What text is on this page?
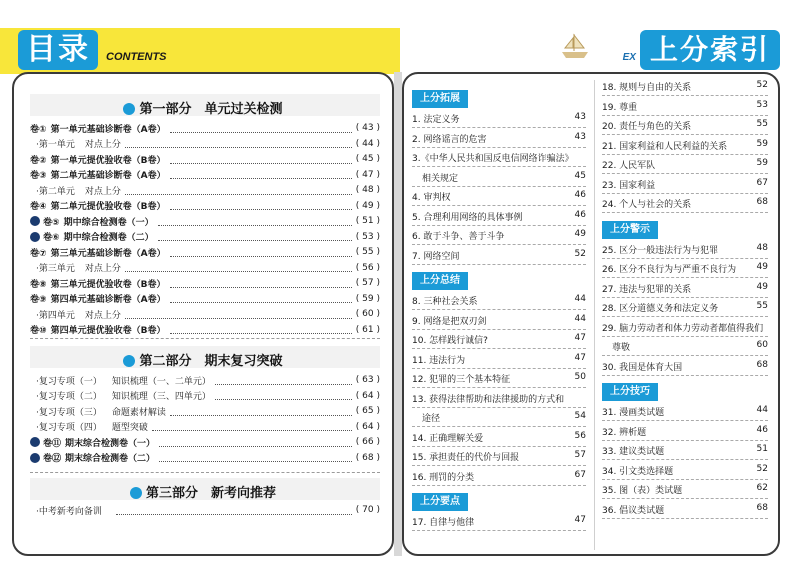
目录	CONTENTS	EX 上分索引
第一部分　单元过关检测
卷① 第一单元基础诊断卷（A卷）	( 43 )
·第一单元 对点上分	( 44 )
卷② 第一单元提优验收卷（B卷）	( 45 )
卷③ 第二单元基础诊断卷（A卷）	( 47 )
·第二单元 对点上分	( 48 )
卷④ 第二单元提优验收卷（B卷）	( 49 )
卷⑤ 期中综合检测卷（一）	( 51 )
卷⑥ 期中综合检测卷（二）	( 53 )
卷⑦ 第三单元基础诊断卷（A卷）	( 55 )
·第三单元 对点上分	( 56 )
卷⑧ 第三单元提优验收卷（B卷）	( 57 )
卷⑨ 第四单元基础诊断卷（A卷）	( 59 )
·第四单元 对点上分	( 60 )
卷⑩ 第四单元提优验收卷（B卷）	( 61 )
第二部分　期末复习突破
·复习专项（一） 知识梳理（一、二单元）	( 63 )
·复习专项（二） 知识梳理（三、四单元）	( 64 )
·复习专项（三） 命题素材解读	( 65 )
·复习专项（四） 题型突破	( 64 )
卷⑪ 期末综合检测卷（一）	( 66 )
卷⑫ 期末综合检测卷（二）	( 68 )
第三部分　新考向推荐
·中考新考向备训	( 70 )
上分拓展
1. 法定义务	43
2. 网络谣言的危害	43
3.《中华人民共和国反电信网络诈骗法》
相关规定	45
4. 审判权	46
5. 合理利用网络的具体事例	46
6. 敢于斗争、善于斗争	49
7. 网络空间	52
上分总结
8. 三种社会关系	44
9. 网络是把双刃剑	44
10. 怎样践行诚信?	47
11. 违法行为	47
12. 犯罪的三个基本特征	50
13. 获得法律帮助和法律援助的方式和
途径	54
14. 正确理解关爱	56
15. 承担责任的代价与回报	57
16. 刑罚的分类	67
上分要点
17. 自律与他律	47
18. 规则与自由的关系	52
19. 尊重	53
20. 责任与角色的关系	55
21. 国家利益和人民利益的关系	59
22. 人民军队	59
23. 国家利益	67
24. 个人与社会的关系	68
上分警示
25. 区分一般违法行为与犯罪	48
26. 区分不良行为与严重不良行为	49
27. 违法与犯罪的关系	49
28. 区分道德义务和法定义务	55
29. 脑力劳动者和体力劳动者都值得我们
尊敬	60
30. 我国是体育大国	68
上分技巧
31. 漫画类试题	44
32. 辨析题	46
33. 建议类试题	51
34. 引文类选择题	52
35. 图（表）类试题	62
36. 倡议类试题	68
